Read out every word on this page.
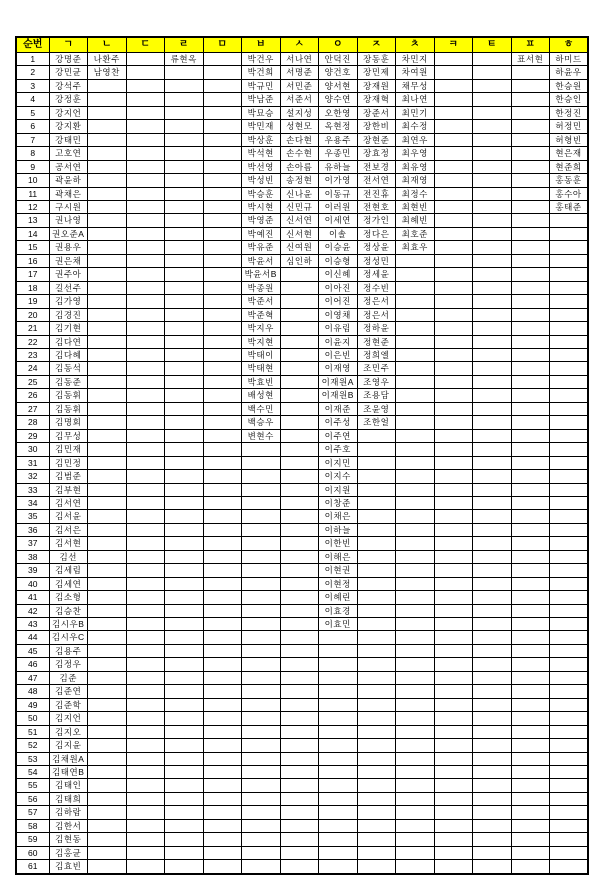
순번	ㄱ	ㄴ	ㄷ	ㄹ	ㅁ	ㅂ	ㅅ	ㅇ	ㅈ	ㅊ	ㅋ	ㅌ	ㅍ	ㅎ
1	강명준	나환주		류현옥		박건우	서나연	안덕진	장동훈	차민지			표서현	하미드
2	강민균	남영찬				박건희	서명준	양건호	장민제	차여원				하윤우
3	강석주					박규민	서민준	양서현	장재원	채무성				한승원
4	강정훈					박남준	서준서	양수연	장재혁	최나연				한승인
5	강지언					박묘승	설지성	오한영	장준서	최민기				한정진
6	강지환					박민재	성현모	옥현정	장한비	최수정				허정민
7	강태민					박상훈	손다현	우용주	장현준	최연우				허형빈
8	고호연					박석현	손수현	우종민	장효정	최우영				현은재
9	공서연					박선영	손아름	유하늘	전보경	최유영				현준희
10	곽윤하					박성빈	송정현	이가영	전서연	최재영				홍동훈
11	곽채은					박승훈	신나윤	이동규	전진휴	최정수				홍수아
12	구시원					박시현	신민규	이러원	전현호	최현빈				홍태준
13	권나영					박영준	신서연	이세연	정가인	최혜빈				
14	권오준A					박예진	신서현	이솔	정다은	최호준				
15	권용우					박유준	신여원	이승윤	정상윤	최효우				
16	권은채					박윤서	심인하	이승형	정성민					
17	권주아					박윤서B		이신혜	정세윤					
18	길선주					박종원		이아진	정수빈					
19	김가영					박준서		이어진	정은서					
20	김경진					박준혁		이영채	정은서					
21	김기현					박지우		이유림	정하윤					
22	김다연					박지현		이윤지	정현준					
23	김다혜					박태이		이은빈	정희엘					
24	김동석					박태현		이재영	조민주					
25	김동준					박효빈		이재원A	조영우					
26	김동휘					배성현		이재원B	조용담					
27	김동휘					백수민		이재준	조윤영					
28	김명회					백승우		이주성	조한얼					
29	김무성					변현수		이주연						
30	김민재							이주호						
31	김민정							이지민						
32	김범준							이지수						
33	김부현							이지원						
34	김서연							이창준						
35	김서윤							이채은						
36	김서은							이하늘						
37	김서현							이한빈						
38	김선							이해은						
39	김세림							이현권						
40	김세연							이현정						
41	김소형							이혜린						
42	김승찬							이효경						
43	김시우B							이효민						
44	김시우C													
45	김용주													
46	김정우													
47	김준													
48	김준연													
49	김준학													
50	김지언													
51	김지오													
52	김지윤													
53	김채원A													
54	김태연B													
55	김태인													
56	김태희													
57	김하람													
58	김한서													
59	김현동													
60	김홍균													
61	김효빈													
